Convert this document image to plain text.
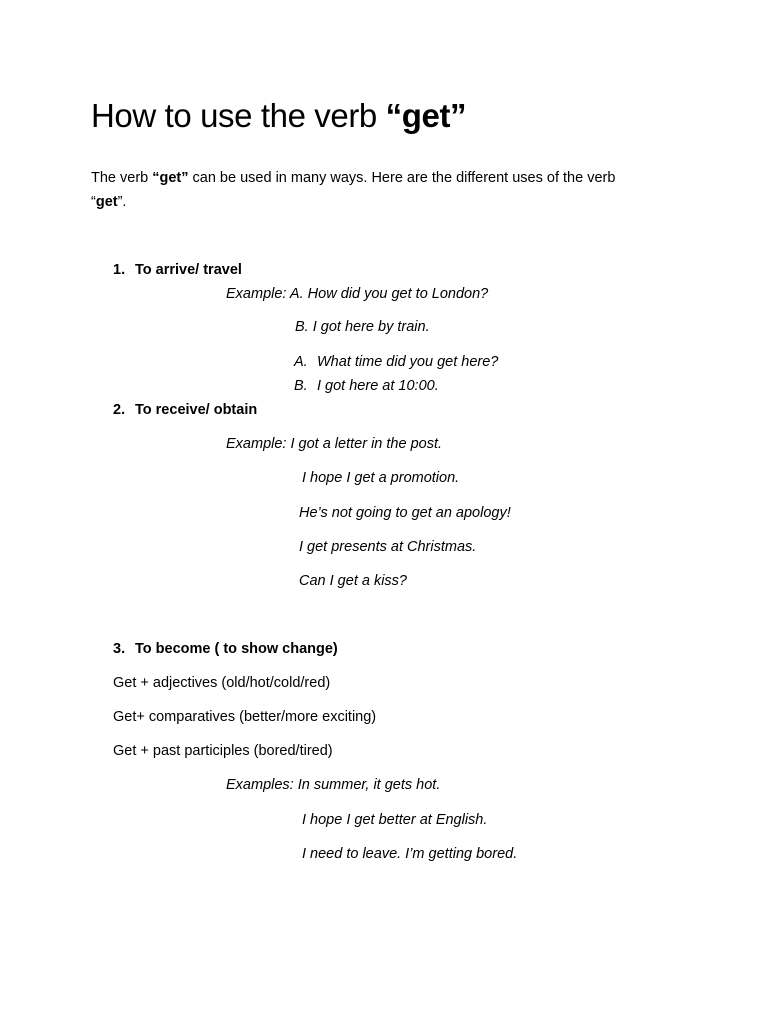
How to use the verb “get”
The verb “get” can be used in many ways. Here are the different uses of the verb
“get”.
1. To arrive/ travel
Example: A. How did you get to London?
B. I got here by train.
A. What time did you get here?
B. I got here at 10:00.
2. To receive/ obtain
Example: I got a letter in the post.
I hope I get a promotion.
He’s not going to get an apology!
I get presents at Christmas.
Can I get a kiss?
3. To become ( to show change)
Get + adjectives (old/hot/cold/red)
Get+ comparatives (better/more exciting)
Get + past participles (bored/tired)
Examples: In summer, it gets hot.
I hope I get better at English.
I need to leave. I’m getting bored.
